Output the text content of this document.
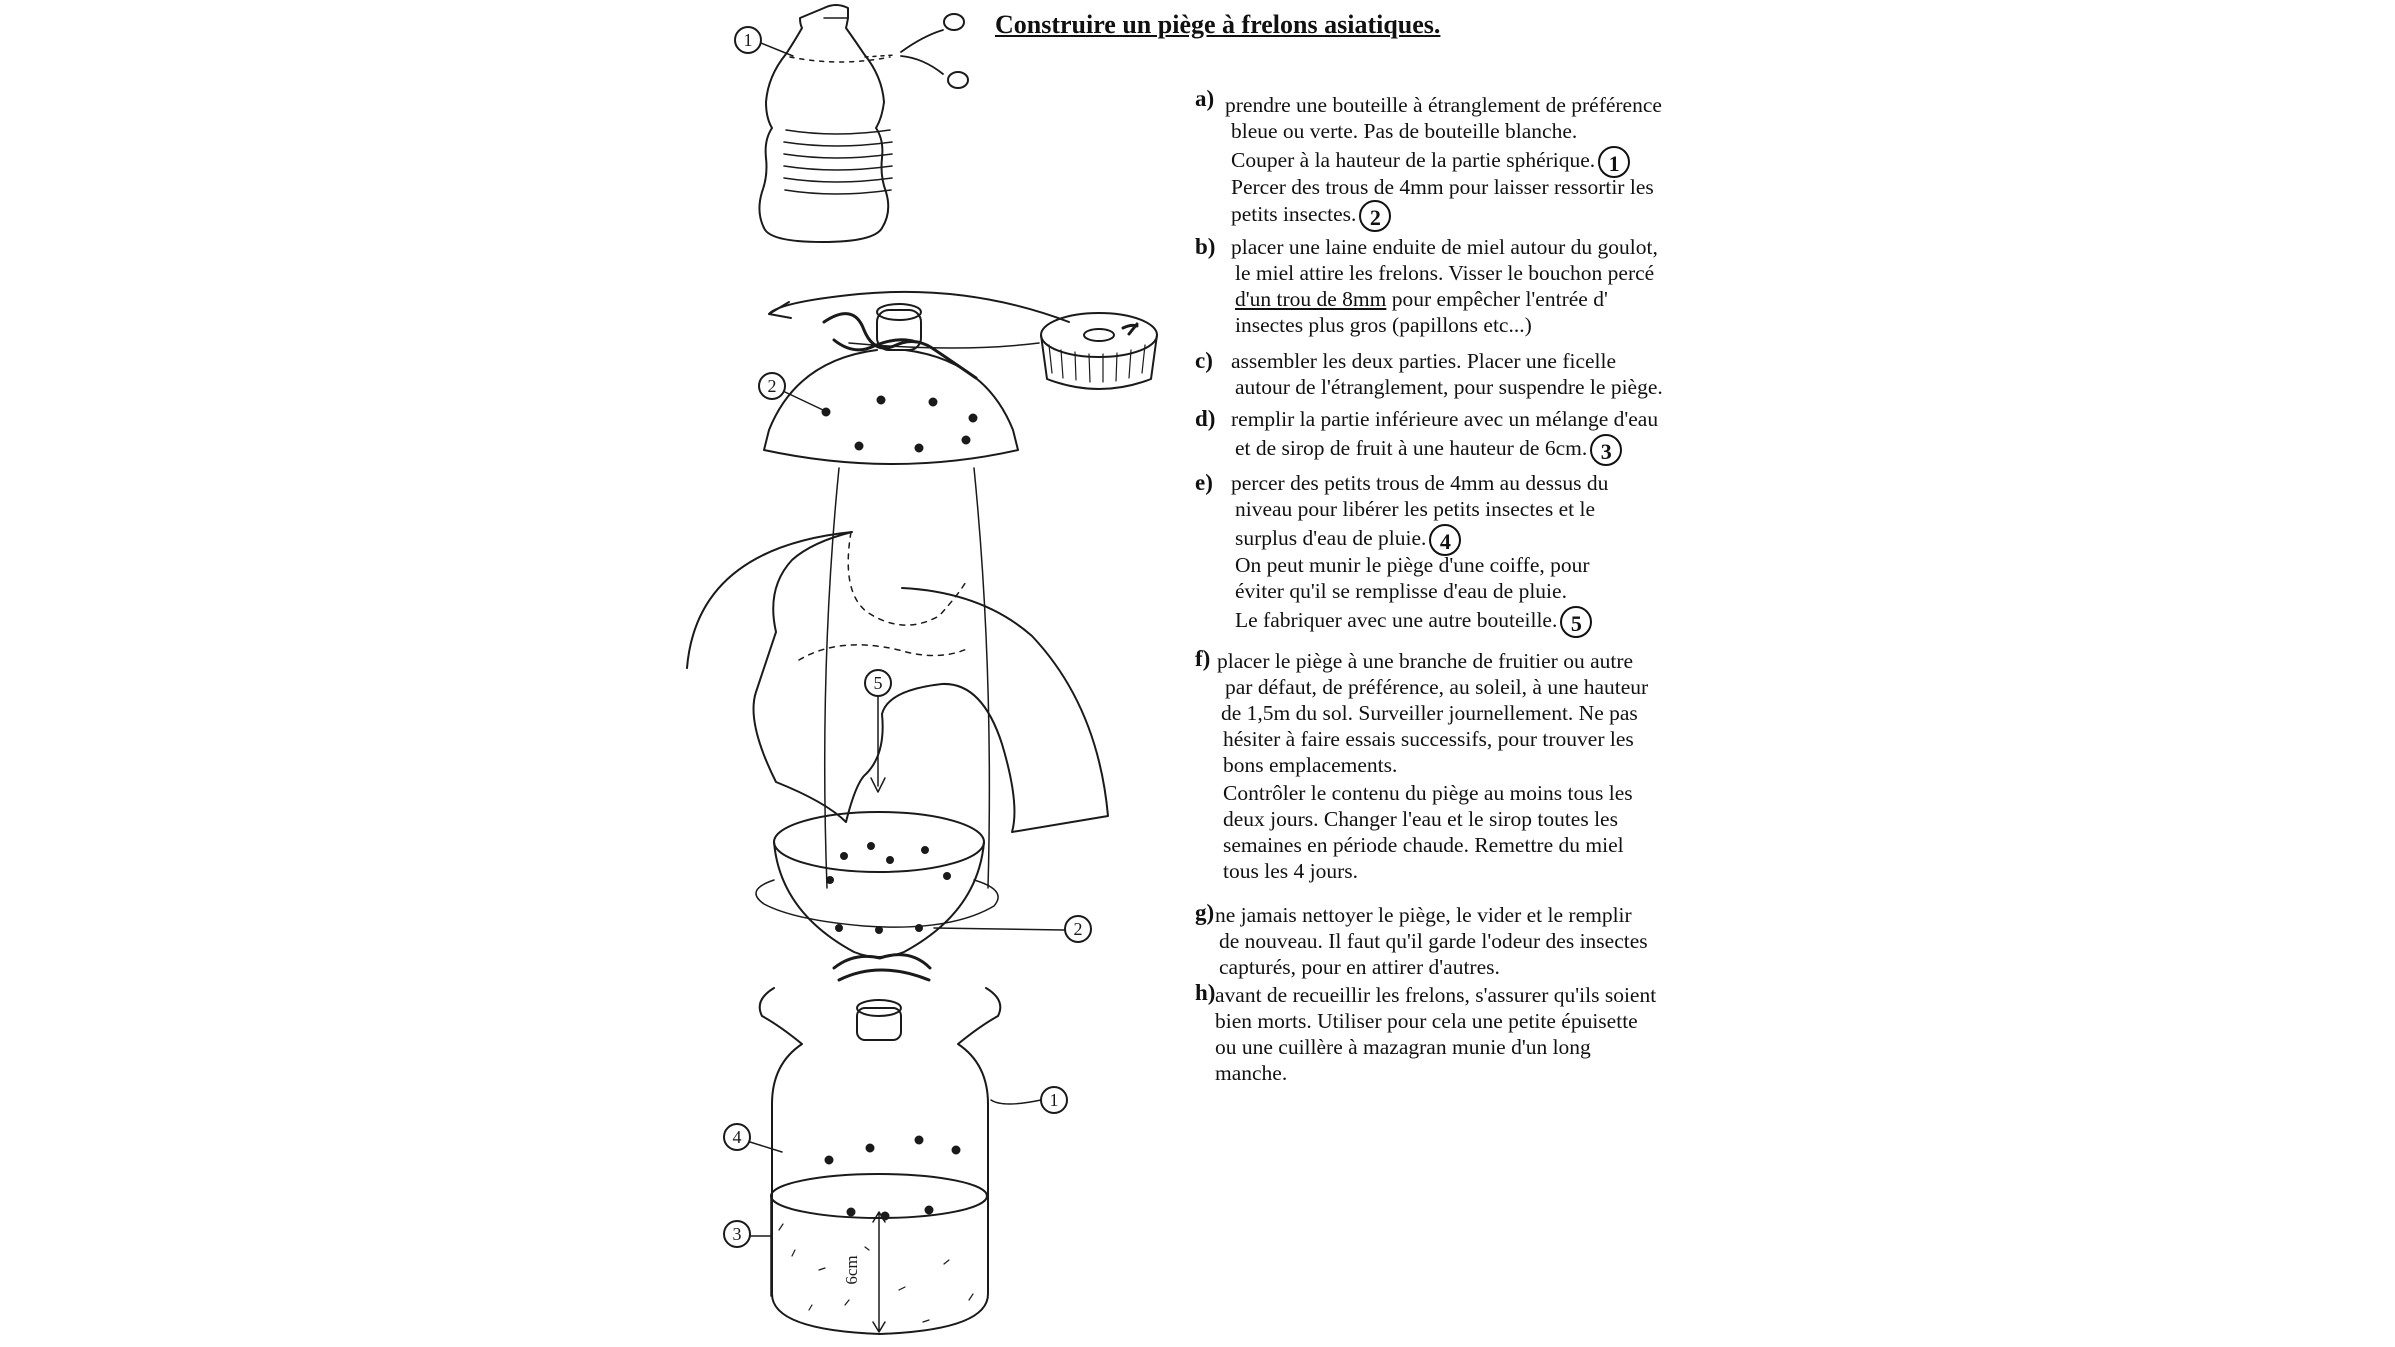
1
2
5
2
1
4
3
6cm
Construire un piège à frelons asiatiques.
a) prendre une bouteille à étranglement de préférence
bleue ou verte. Pas de bouteille blanche.
Couper à la hauteur de la partie sphérique. 1
Percer des trous de 4mm pour laisser ressortir les
petits insectes. 2
b) placer une laine enduite de miel autour du goulot,
le miel attire les frelons. Visser le bouchon percé
d'un trou de 8mm pour empêcher l'entrée d'
insectes plus gros (papillons etc...)
c) assembler les deux parties. Placer une ficelle
autour de l'étranglement, pour suspendre le piège.
d) remplir la partie inférieure avec un mélange d'eau
et de sirop de fruit à une hauteur de 6cm. 3
e) percer des petits trous de 4mm au dessus du
niveau pour libérer les petits insectes et le
surplus d'eau de pluie. 4
On peut munir le piège d'une coiffe, pour
éviter qu'il se remplisse d'eau de pluie.
Le fabriquer avec une autre bouteille. 5
f) placer le piège à une branche de fruitier ou autre
par défaut, de préférence, au soleil, à une hauteur
de 1,5m du sol. Surveiller journellement. Ne pas
hésiter à faire essais successifs, pour trouver les
bons emplacements.
Contrôler le contenu du piège au moins tous les
deux jours. Changer l'eau et le sirop toutes les
semaines en période chaude. Remettre du miel
tous les 4 jours.
g) ne jamais nettoyer le piège, le vider et le remplir
de nouveau. Il faut qu'il garde l'odeur des insectes
capturés, pour en attirer d'autres.
h) avant de recueillir les frelons, s'assurer qu'ils soient
bien morts. Utiliser pour cela une petite épuisette
ou une cuillère à mazagran munie d'un long
manche.
